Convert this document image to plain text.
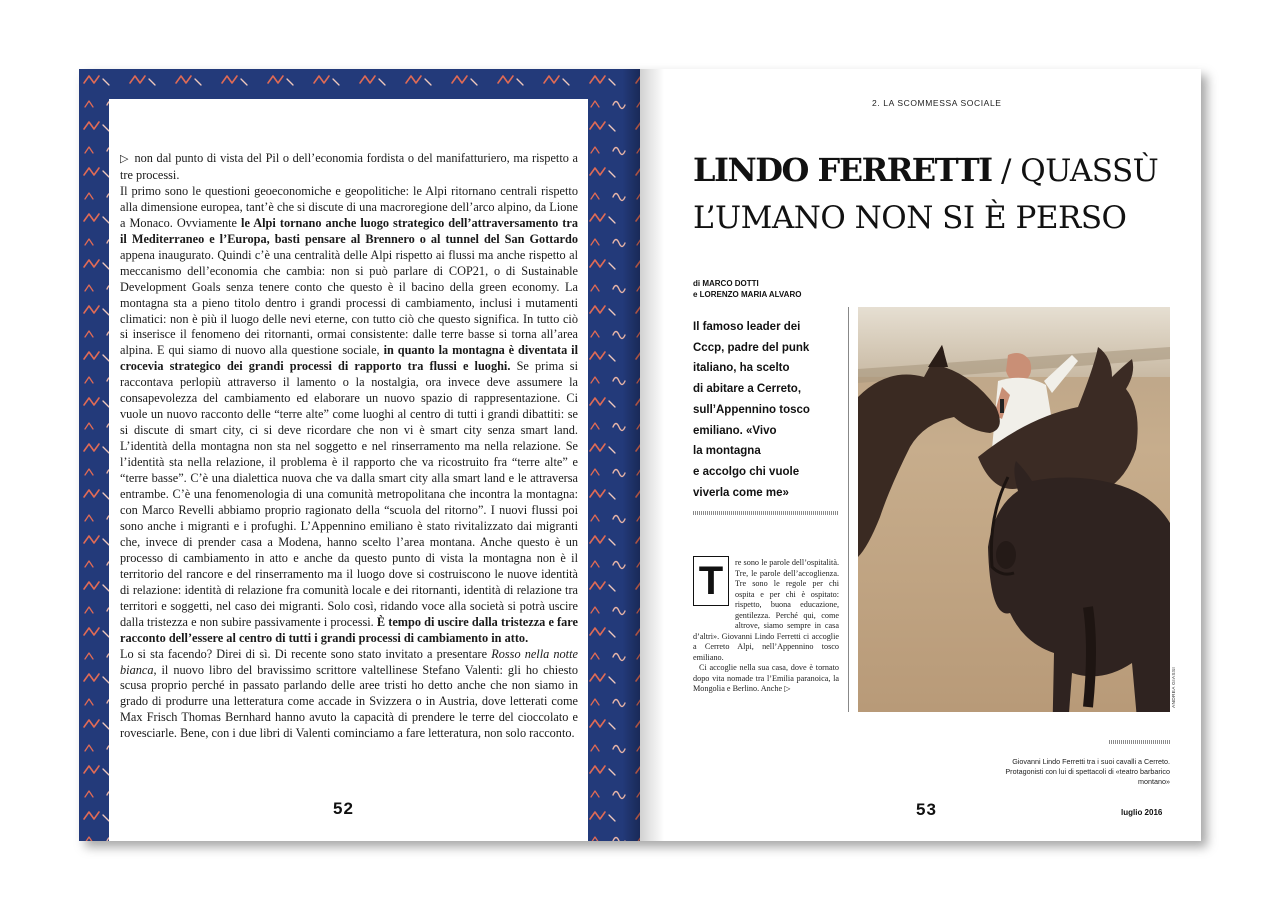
▷ non dal punto di vista del Pil o dell’economia fordista o del manifatturiero, ma rispetto a tre processi.

Il primo sono le questioni geoeconomiche e geopolitiche: le Alpi ritornano centrali rispetto alla dimensione europea, tant’è che si discute di una macroregione dell’arco alpino, da Lione a Monaco. Ovviamente le Alpi tornano anche luogo strategico dell’attraversamento tra il Mediterraneo e l’Europa, basti pensare al Brennero o al tunnel del San Gottardo appena inaugurato. Quindi c’è una centralità delle Alpi rispetto ai flussi ma anche rispetto al meccanismo dell’economia che cambia: non si può parlare di COP21, o di Sustainable Development Goals senza tenere conto che questo è il bacino della green economy. La montagna sta a pieno titolo dentro i grandi processi di cambiamento, inclusi i mutamenti climatici: non è più il luogo delle nevi eterne, con tutto ciò che questo significa. In tutto ciò si inserisce il fenomeno dei ritornanti, ormai consistente: dalle terre basse si torna all’area alpina. E qui siamo di nuovo alla questione sociale, in quanto la montagna è diventata il crocevia strategico dei grandi processi di rapporto tra flussi e luoghi. Se prima si raccontava perlopiù attraverso il lamento o la nostalgia, ora invece deve assumere la consapevolezza del cambiamento ed elaborare un nuovo spazio di rappresentazione. Ci vuole un nuovo racconto delle “terre alte” come luoghi al centro di tutti i grandi dibattiti: se si discute di smart city, ci si deve ricordare che non vi è smart city senza smart land. L’identità della montagna non sta nel soggetto e nel rinserramento ma nella relazione. Se l’identità sta nella relazione, il problema è il rapporto che va ricostruito fra “terre alte” e “terre basse”. C’è una dialettica nuova che va dalla smart city alla smart land e le attraversa entrambe. C’è una fenomenologia di una comunità metropolitana che incontra la montagna: con Marco Revelli abbiamo proprio ragionato della “scuola del ritorno”. I nuovi flussi poi sono anche i migranti e i profughi. L’Appennino emiliano è stato rivitalizzato dai migranti che, invece di prender casa a Modena, hanno scelto l’area montana. Anche questo è un processo di cambiamento in atto e anche da questo punto di vista la montagna non è il territorio del rancore e del rinserramento ma il luogo dove si costruiscono le nuove identità di relazione: identità di relazione fra comunità locale e dei ritornanti, identità di relazione tra territori e soggetti, nel caso dei migranti. Solo così, ridando voce alla società si potrà uscire dalla tristezza e non subire passivamente i processi. È tempo di uscire dalla tristezza e fare racconto dell’essere al centro di tutti i grandi processi di cambiamento in atto.

Lo si sta facendo? Direi di sì. Di recente sono stato invitato a presentare Rosso nella notte bianca, il nuovo libro del bravissimo scrittore valtellinese Stefano Valenti: gli ho chiesto scusa proprio perché in passato parlando delle aree tristi ho detto anche che non siamo in grado di produrre una letteratura come accade in Svizzera o in Austria, dove letterati come Max Frisch Thomas Bernhard hanno avuto la capacità di prendere le terre del cioccolato e rovesciarle. Bene, con i due libri di Valenti cominciamo a fare letteratura, non solo racconto.

52
2. LA SCOMMESSA SOCIALE
LINDO FERRETTI / QUASSÙ
L’UMANO NON SI È PERSO
di MARCO DOTTI
e LORENZO MARIA ALVARO
Il famoso leader dei
Cccp, padre del punk
italiano, ha scelto
di abitare a Cerreto,
sull’Appennino tosco
emiliano. «Vivo
la montagna
e accolgo chi vuole
viverla come me»
T	re sono le parole dell’ospitalità. Tre, le parole dell’accoglienza. Tre sono le regole per chi ospita e per chi è ospitato: rispetto, buona educazione, gentilezza. Perché qui, come altrove, siamo sempre in casa d’altri». Giovanni Lindo Ferretti ci accoglie a Cerreto Alpi, nell’Appennino tosco emiliano.

Ci accoglie nella sua casa, dove è tornato dopo vita nomade tra l’Emilia paranoica, la Mongolia e Berlino. Anche ▷	ANDREA GIASSI
Giovanni Lindo Ferretti tra i suoi cavalli a Cerreto. Protagonisti con lui di spettacoli di «teatro barbarico montano»
53	luglio 2016
